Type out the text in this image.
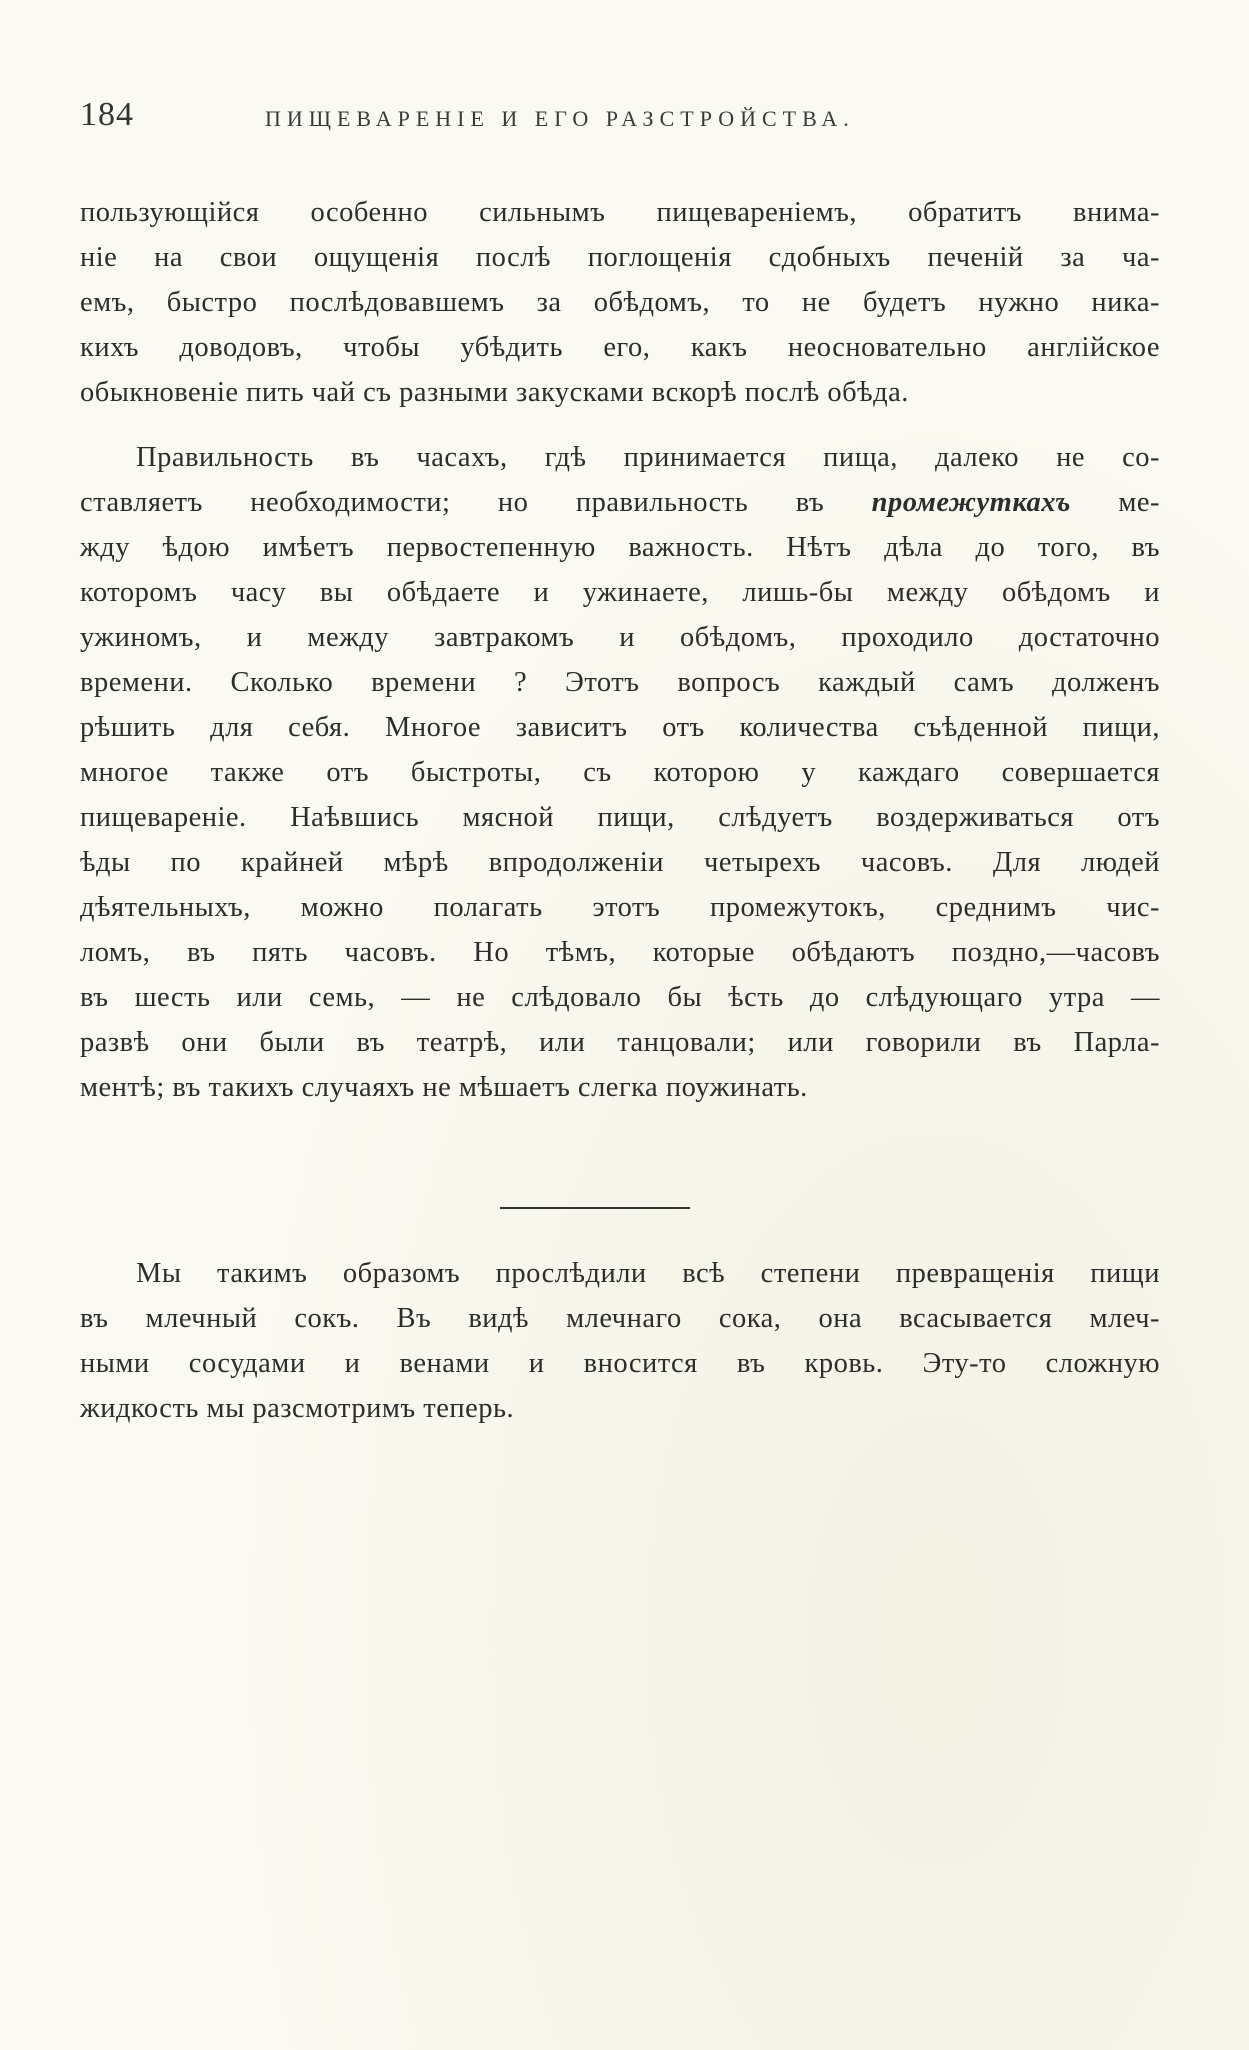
184	ПИЩЕВАРЕНІЕ И ЕГО РАЗСТРОЙСТВА.
пользующійся особенно сильнымъ пищевареніемъ, обратитъ внима-
ніе на свои ощущенія послѣ поглощенія сдобныхъ печеній за ча-
емъ, быстро послѣдовавшемъ за обѣдомъ, то не будетъ нужно ника-
кихъ доводовъ, чтобы убѣдить его, какъ неосновательно англійское
обыкновеніе пить чай съ разными закусками вскорѣ послѣ обѣда.
Правильность въ часахъ, гдѣ принимается пища, далеко не со-
ставляетъ необходимости; но правильность въ промежуткахъ ме-
жду ѣдою имѣетъ первостепенную важность. Нѣтъ дѣла до того, въ
которомъ часу вы обѣдаете и ужинаете, лишь-бы между обѣдомъ и
ужиномъ, и между завтракомъ и обѣдомъ, проходило достаточно
времени. Сколько времени ? Этотъ вопросъ каждый самъ долженъ
рѣшить для себя. Многое зависитъ отъ количества съѣденной пищи,
многое также отъ быстроты, съ которою у каждаго совершается
пищевареніе. Наѣвшись мясной пищи, слѣдуетъ воздерживаться отъ
ѣды по крайней мѣрѣ впродолженіи четырехъ часовъ. Для людей
дѣятельныхъ, можно полагать этотъ промежутокъ, среднимъ чис-
ломъ, въ пять часовъ. Но тѣмъ, которые обѣдаютъ поздно,—часовъ
въ шесть или семь, — не слѣдовало бы ѣсть до слѣдующаго утра —
развѣ они были въ театрѣ, или танцовали; или говорили въ Парла-
ментѣ; въ такихъ случаяхъ не мѣшаетъ слегка поужинать.
Мы такимъ образомъ прослѣдили всѣ степени превращенія пищи
въ млечный сокъ. Въ видѣ млечнаго сока, она всасывается млеч-
ными сосудами и венами и вносится въ кровь. Эту-то сложную
жидкость мы разсмотримъ теперь.
